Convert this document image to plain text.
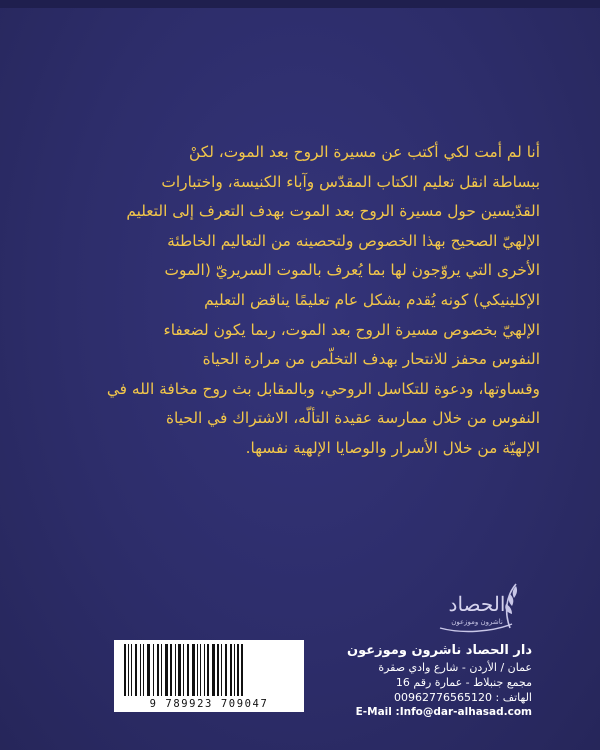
أنا لم أمت لكي أكتب عن مسيرة الروح بعد الموت، لكنْ
ببساطة انقل تعليم الكتاب المقدّس وآباء الكنيسة، واختبارات
القدّيسين حول مسيرة الروح بعد الموت بهدف التعرف إلى التعليم
الإلهيّ الصحيح بهذا الخصوص ولتحصينه من التعاليم الخاطئة
الأخرى التي يروّجون لها بما يُعرف بالموت السريريّ (الموت
الإكلينيكي) كونه يُقدم بشكل عام تعليمًا يناقض التعليم
الإلهيّ بخصوص مسيرة الروح بعد الموت، ربما يكون لضعفاء
النفوس محفز للانتحار بهدف التخلّص من مرارة الحياة
وقساوتها، ودعوة للتكاسل الروحي، وبالمقابل بث روح مخافة الله في
النفوس من خلال ممارسة عقيدة التألّه، الاشتراك في الحياة
الإلهيّة من خلال الأسرار والوصايا الإلهية نفسها.
الحصاد
ناشرون وموزعون
9 789923 709047
دار الحصاد ناشرون وموزعون
عمان / الأردن - شارع وادي صقرة
مجمع جنبلاط - عمارة رقم 16
الهاتف : 00962776565120
E-Mail :Info@dar-alhasad.com
